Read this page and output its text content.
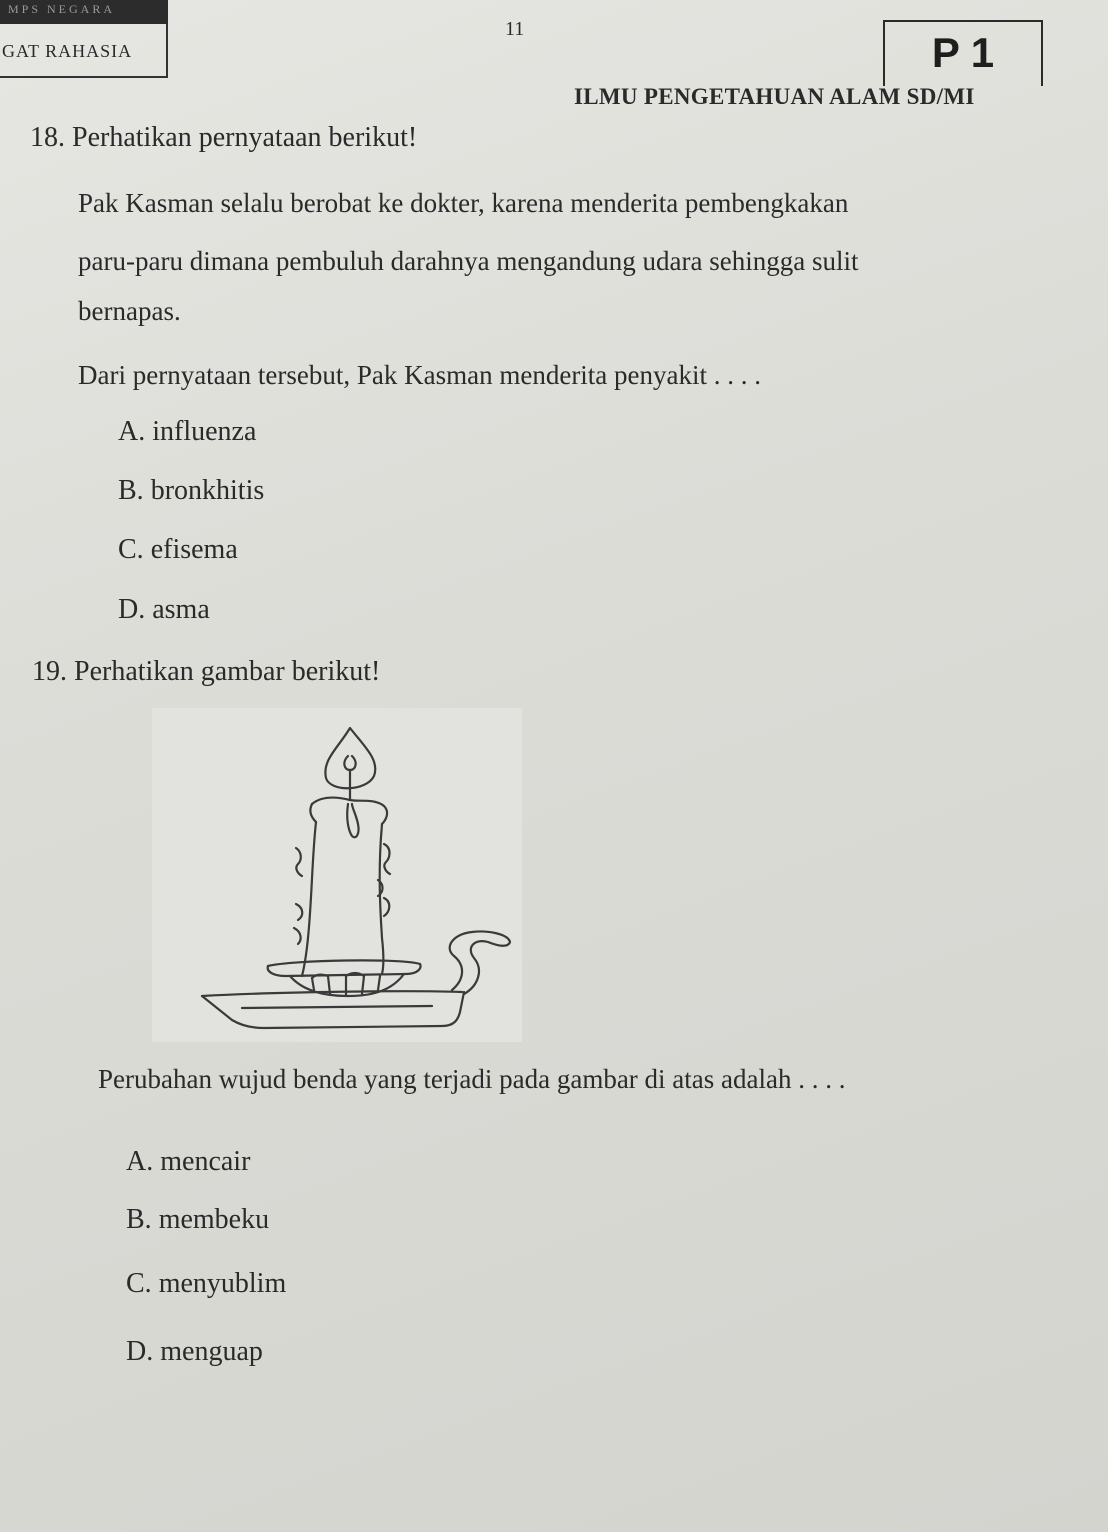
MPS NEGARA
GAT RAHASIA
11	P 1
ILMU PENGETAHUAN ALAM SD/MI
18. Perhatikan pernyataan berikut!
Pak Kasman selalu berobat ke dokter, karena menderita pembengkakan
paru-paru dimana pembuluh darahnya mengandung udara sehingga sulit
bernapas.
Dari pernyataan tersebut, Pak Kasman menderita penyakit . . . .
A. influenza
B. bronkhitis
C. efisema
D. asma
19. Perhatikan gambar berikut!
Perubahan wujud benda yang terjadi pada gambar di atas adalah . . . .
A. mencair
B. membeku
C. menyublim
D. menguap
